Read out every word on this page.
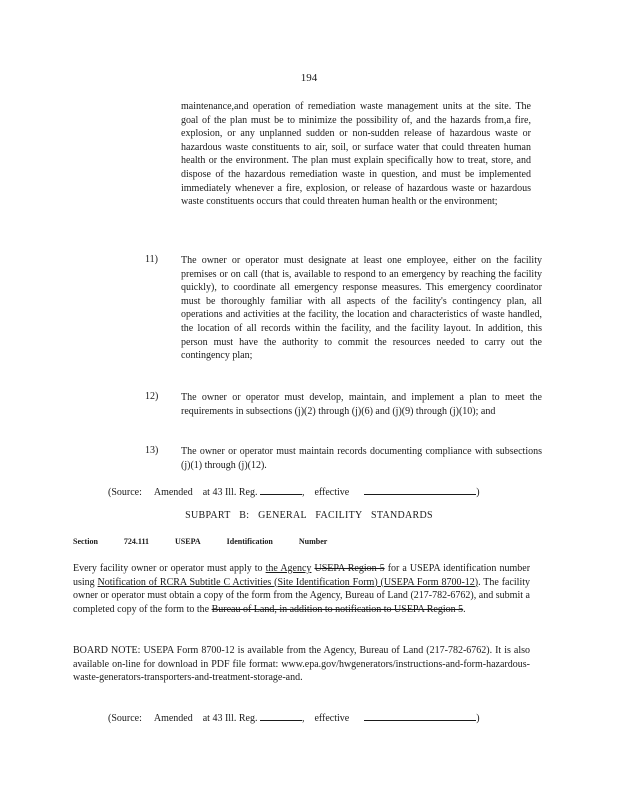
194
maintenance,and operation of remediation waste management units at the site. The goal of the plan must be to minimize the possibility of, and the hazards from,a fire, explosion, or any unplanned sudden or non-sudden release of hazardous waste or hazardous waste constituents to air, soil, or surface water that could threaten human health or the environment. The plan must explain specifically how to treat, store, and dispose of the hazardous remediation waste in question, and must be implemented immediately whenever a fire, explosion, or release of hazardous waste or hazardous waste constituents occurs that could threaten human health or the environment;
11) The owner or operator must designate at least one employee, either on the facility premises or on call (that is, available to respond to an emergency by reaching the facility quickly), to coordinate all emergency response measures. This emergency coordinator must be thoroughly familiar with all aspects of the facility's contingency plan, all operations and activities at the facility, the location and characteristics of waste handled, the location of all records within the facility, and the facility layout. In addition, this person must have the authority to commit the resources needed to carry out the contingency plan;
12) The owner or operator must develop, maintain, and implement a plan to meet the requirements in subsections (j)(2) through (j)(6) and (j)(9) through (j)(10); and
13) The owner or operator must maintain records documenting compliance with subsections (j)(1) through (j)(12).
(Source: Amended at 43 Ill. Reg.	, effective	)
SUBPART B: GENERAL FACILITY STANDARDS
Section	724.111	USEPA	Identification	Number
Every facility owner or operator must apply to the Agency USEPA Region 5 for a USEPA identification number using Notification of RCRA Subtitle C Activities (Site Identification Form) (USEPA Form 8700-12). The facility owner or operator must obtain a copy of the form from the Agency, Bureau of Land (217-782-6762), and submit a completed copy of the form to the Bureau of Land, in addition to notification to USEPA Region 5.
BOARD NOTE: USEPA Form 8700-12 is available from the Agency, Bureau of Land (217-782-6762). It is also available on-line for download in PDF file format: www.epa.gov/hwgenerators/instructions-and-form-hazardous-waste-generators-transporters-and-treatment-storage-and.
(Source: Amended at 43 Ill. Reg.	, effective	)
